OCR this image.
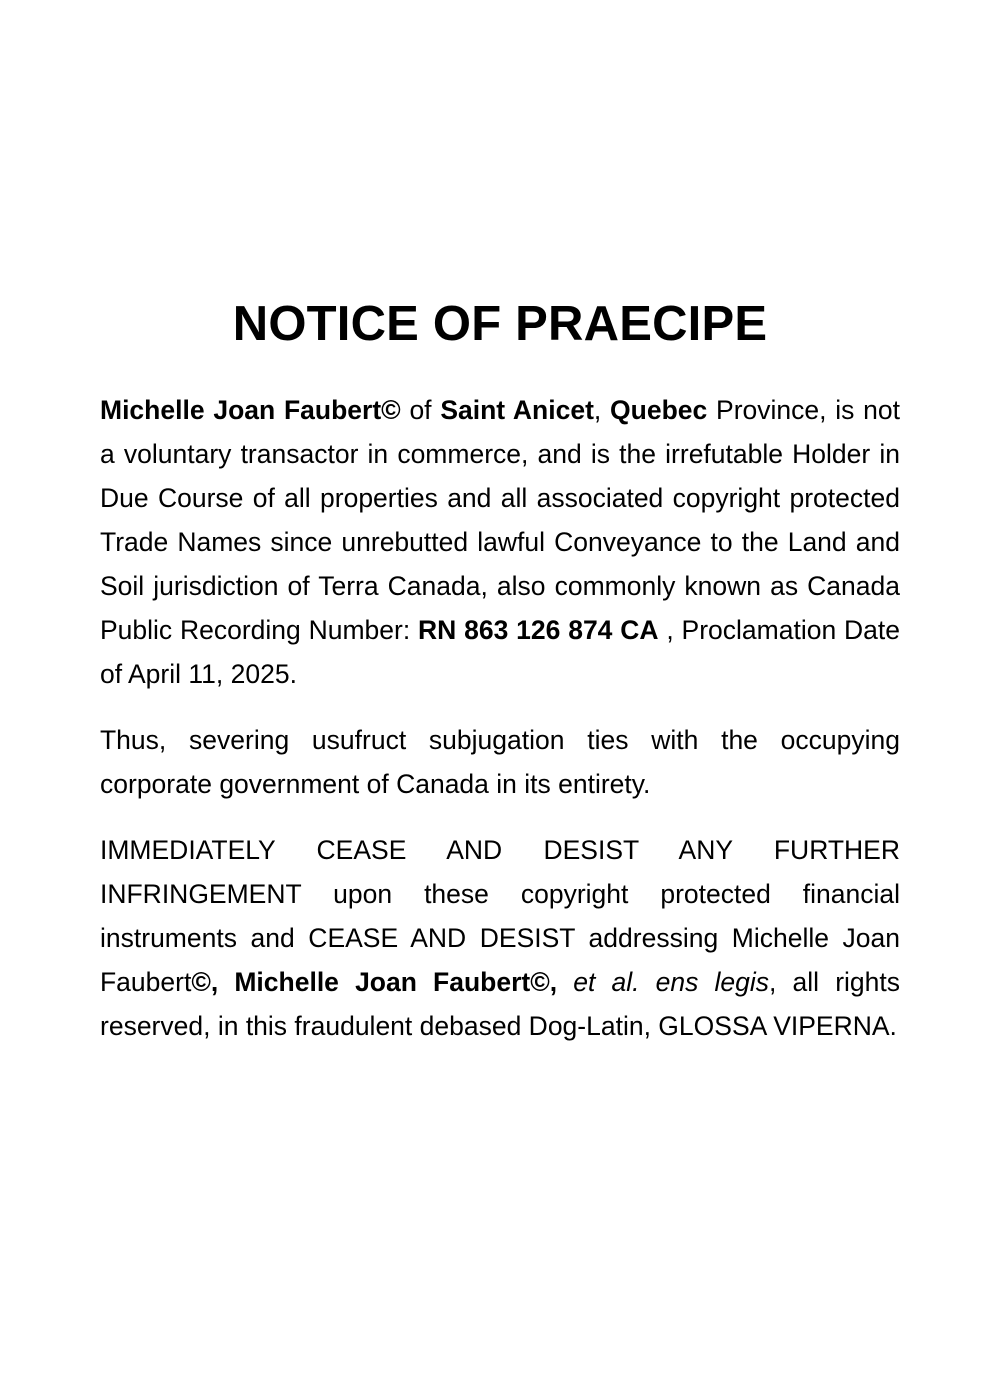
NOTICE OF PRAECIPE

Michelle Joan Faubert© of Saint Anicet, Quebec Province, is not a voluntary transactor in commerce, and is the irrefutable Holder in Due Course of all properties and all associated copyright protected Trade Names since unrebutted lawful Conveyance to the Land and Soil jurisdiction of Terra Canada, also commonly known as Canada Public Recording Number: RN 863 126 874 CA , Proclamation Date of April 11, 2025.

Thus, severing usufruct subjugation ties with the occupying corporate government of Canada in its entirety.

IMMEDIATELY CEASE AND DESIST ANY FURTHER INFRINGEMENT upon these copyright protected financial instruments and CEASE AND DESIST addressing Michelle Joan Faubert©, Michelle Joan Faubert©, et al. ens legis, all rights reserved, in this fraudulent debased Dog-Latin, GLOSSA VIPERNA.
